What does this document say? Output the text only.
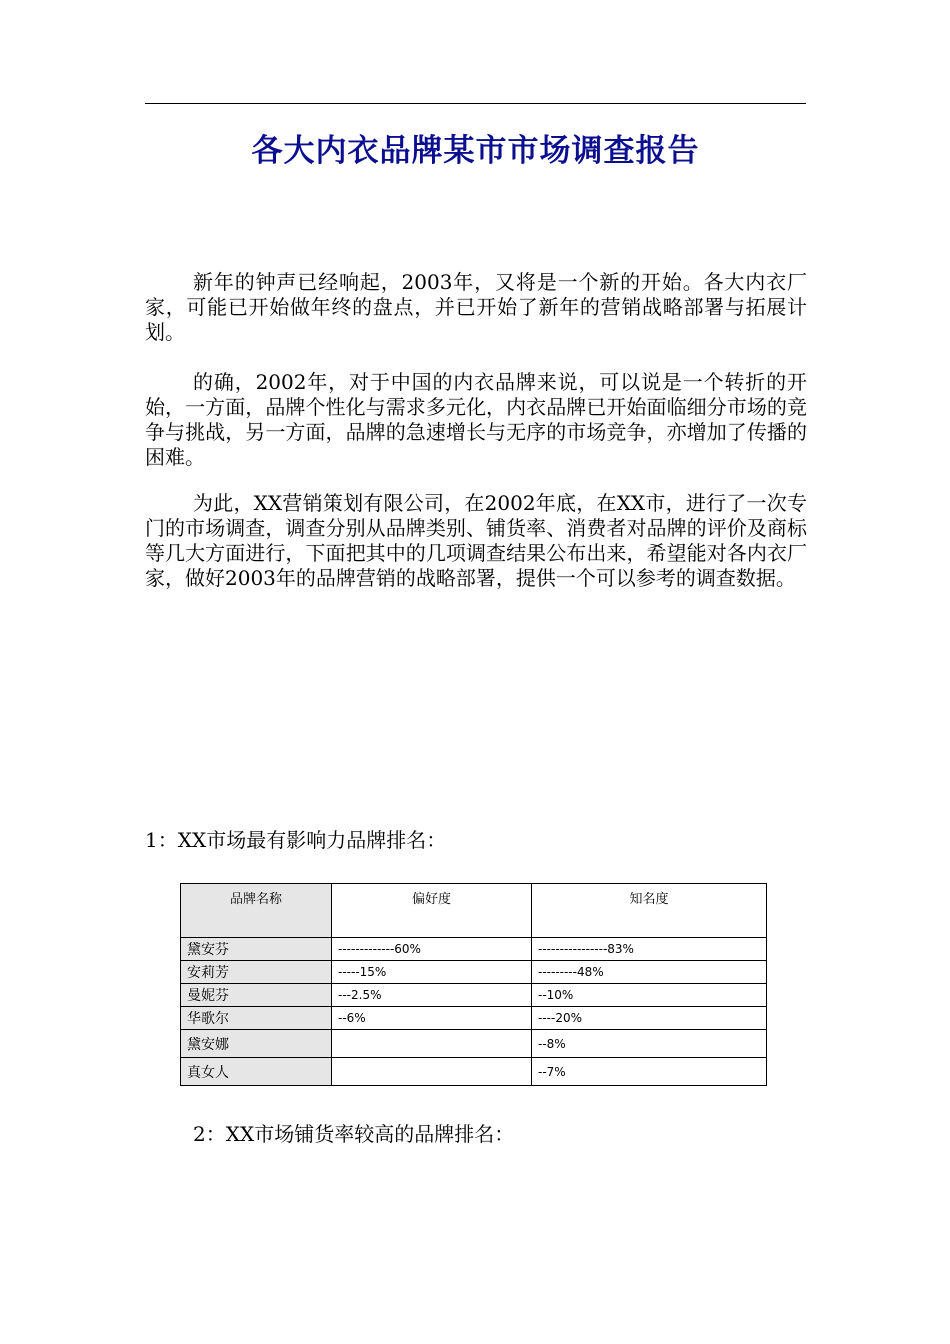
各大内衣品牌某市市场调查报告

新年的钟声已经响起，2003年，又将是一个新的开始。各大内衣厂家，可能已开始做年终的盘点，并已开始了新年的营销战略部署与拓展计划。

的确，2002年，对于中国的内衣品牌来说，可以说是一个转折的开始，一方面，品牌个性化与需求多元化，内衣品牌已开始面临细分市场的竞争与挑战，另一方面，品牌的急速增长与无序的市场竞争，亦增加了传播的困难。

为此，XX营销策划有限公司，在2002年底，在XX市，进行了一次专门的市场调查，调查分别从品牌类别、铺货率、消费者对品牌的评价及商标等几大方面进行，下面把其中的几项调查结果公布出来，希望能对各内衣厂家，做好2003年的品牌营销的战略部署，提供一个可以参考的调查数据。

1：XX市场最有影响力品牌排名：

品牌名称	偏好度	知名度
黛安芬	-------------60%	----------------83%
安莉芳	-----15%	---------48%
曼妮芬	---2.5%	--10%
华歌尔	--6%	----20%
黛安娜		--8%
真女人		--7%

2：XX市场铺货率较高的品牌排名：
